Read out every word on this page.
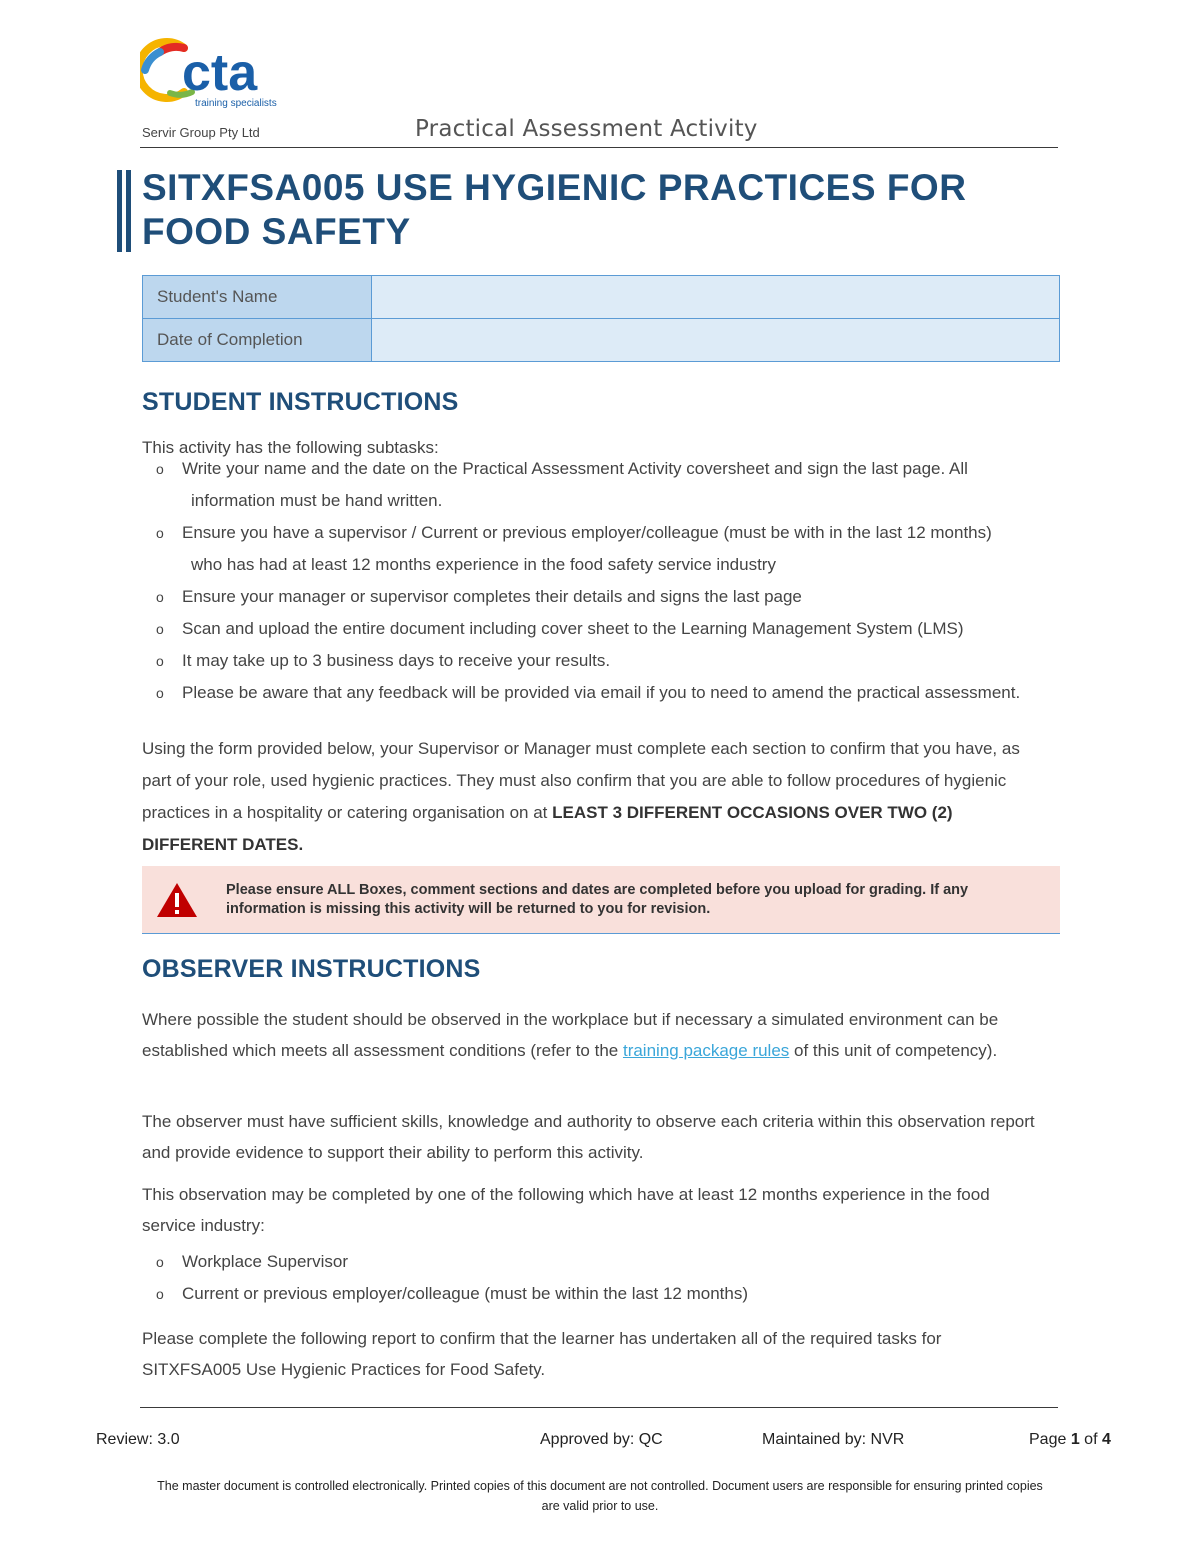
cta
training specialists
Servir Group Pty Ltd	Practical Assessment Activity
SITXFSA005 USE HYGIENIC PRACTICES FOR
FOOD SAFETY
Student's Name	
Date of Completion	
STUDENT INSTRUCTIONS
This activity has the following subtasks:
o Write your name and the date on the Practical Assessment Activity coversheet and sign the last page. All
information must be hand written.
o Ensure you have a supervisor / Current or previous employer/colleague (must be with in the last 12 months)
who has had at least 12 months experience in the food safety service industry
o Ensure your manager or supervisor completes their details and signs the last page
o Scan and upload the entire document including cover sheet to the Learning Management System (LMS)
o It may take up to 3 business days to receive your results.
o Please be aware that any feedback will be provided via email if you to need to amend the practical assessment.
Using the form provided below, your Supervisor or Manager must complete each section to confirm that you have, as part of your role, used hygienic practices. They must also confirm that you are able to follow procedures of hygienic practices in a hospitality or catering organisation on at LEAST 3 DIFFERENT OCCASIONS OVER TWO (2) DIFFERENT DATES.
Please ensure ALL Boxes, comment sections and dates are completed before you upload for grading. If any information is missing this activity will be returned to you for revision.
OBSERVER INSTRUCTIONS
Where possible the student should be observed in the workplace but if necessary a simulated environment can be established which meets all assessment conditions (refer to the training package rules of this unit of competency).
The observer must have sufficient skills, knowledge and authority to observe each criteria within this observation report and provide evidence to support their ability to perform this activity.
This observation may be completed by one of the following which have at least 12 months experience in the food service industry:
o Workplace Supervisor
o Current or previous employer/colleague (must be within the last 12 months)
Please complete the following report to confirm that the learner has undertaken all of the required tasks for SITXFSA005 Use Hygienic Practices for Food Safety.
Review: 3.0	Approved by: QC	Maintained by: NVR	Page 1 of 4
The master document is controlled electronically. Printed copies of this document are not controlled. Document users are responsible for ensuring printed copies are valid prior to use.
